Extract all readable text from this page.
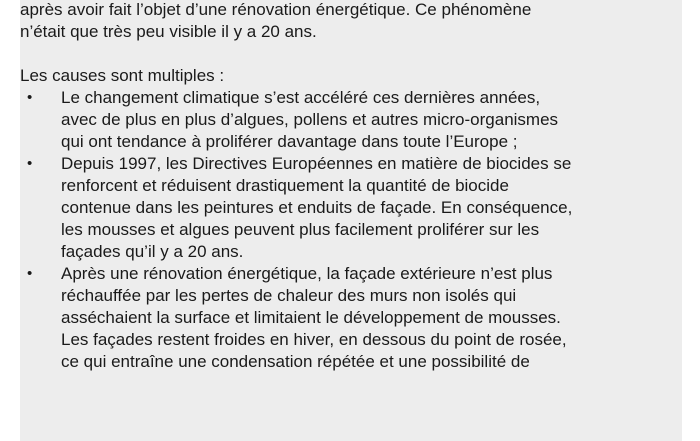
après avoir fait l’objet d’une rénovation énergétique. Ce phénomène
n’était que très peu visible il y a 20 ans.
Les causes sont multiples :
• Le changement climatique s’est accéléré ces dernières années,
avec de plus en plus d’algues, pollens et autres micro-organismes
qui ont tendance à proliférer davantage dans toute l’Europe ;
• Depuis 1997, les Directives Européennes en matière de biocides se
renforcent et réduisent drastiquement la quantité de biocide
contenue dans les peintures et enduits de façade. En conséquence,
les mousses et algues peuvent plus facilement proliférer sur les
façades qu’il y a 20 ans.
• Après une rénovation énergétique, la façade extérieure n’est plus
réchauffée par les pertes de chaleur des murs non isolés qui
asséchaient la surface et limitaient le développement de mousses.
Les façades restent froides en hiver, en dessous du point de rosée,
ce qui entraîne une condensation répétée et une possibilité de
